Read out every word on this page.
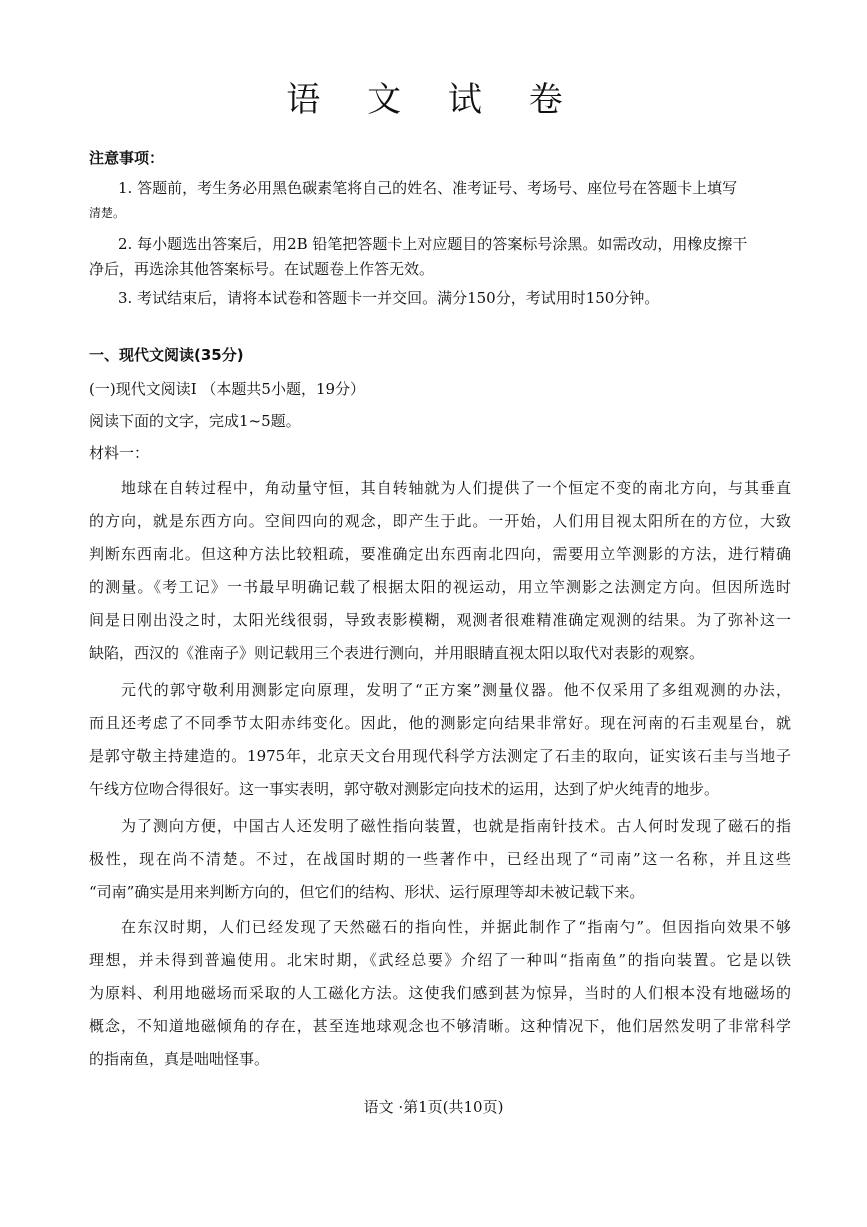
语 文 试 卷
注意事项：
1. 答题前，考生务必用黑色碳素笔将自己的姓名、准考证号、考场号、座位号在答题卡上填写
清楚。
2. 每小题选出答案后，用2B 铅笔把答题卡上对应题目的答案标号涂黑。如需改动，用橡皮擦干
净后，再选涂其他答案标号。在试题卷上作答无效。
3. 考试结束后，请将本试卷和答题卡一并交回。满分150分，考试用时150分钟。
一、现代文阅读(35分)
(一)现代文阅读I （本题共5小题，19分）
阅读下面的文字，完成1~5题。
材料一：
地球在自转过程中，角动量守恒，其自转轴就为人们提供了一个恒定不变的南北方向，与其垂直
的方向，就是东西方向。空间四向的观念，即产生于此。一开始，人们用目视太阳所在的方位，大致
判断东西南北。但这种方法比较粗疏，要准确定出东西南北四向，需要用立竿测影的方法，进行精确
的测量。《考工记》一书最早明确记载了根据太阳的视运动，用立竿测影之法测定方向。但因所选时
间是日刚出没之时，太阳光线很弱，导致表影模糊，观测者很难精准确定观测的结果。为了弥补这一
缺陷，西汉的《淮南子》则记载用三个表进行测向，并用眼睛直视太阳以取代对表影的观察。
元代的郭守敬利用测影定向原理，发明了“正方案”测量仪器。他不仅采用了多组观测的办法，
而且还考虑了不同季节太阳赤纬变化。因此，他的测影定向结果非常好。现在河南的石圭观星台，就
是郭守敬主持建造的。1975年，北京天文台用现代科学方法测定了石圭的取向，证实该石圭与当地子
午线方位吻合得很好。这一事实表明，郭守敬对测影定向技术的运用，达到了炉火纯青的地步。
为了测向方便，中国古人还发明了磁性指向装置，也就是指南针技术。古人何时发现了磁石的指
极性，现在尚不清楚。不过，在战国时期的一些著作中，已经出现了“司南”这一名称，并且这些
“司南”确实是用来判断方向的，但它们的结构、形状、运行原理等却未被记载下来。
在东汉时期，人们已经发现了天然磁石的指向性，并据此制作了“指南勺”。但因指向效果不够
理想，并未得到普遍使用。北宋时期，《武经总要》介绍了一种叫“指南鱼”的指向装置。它是以铁
为原料、利用地磁场而采取的人工磁化方法。这使我们感到甚为惊异，当时的人们根本没有地磁场的
概念，不知道地磁倾角的存在，甚至连地球观念也不够清晰。这种情况下，他们居然发明了非常科学
的指南鱼，真是咄咄怪事。
语文 ·第1页(共10页)
